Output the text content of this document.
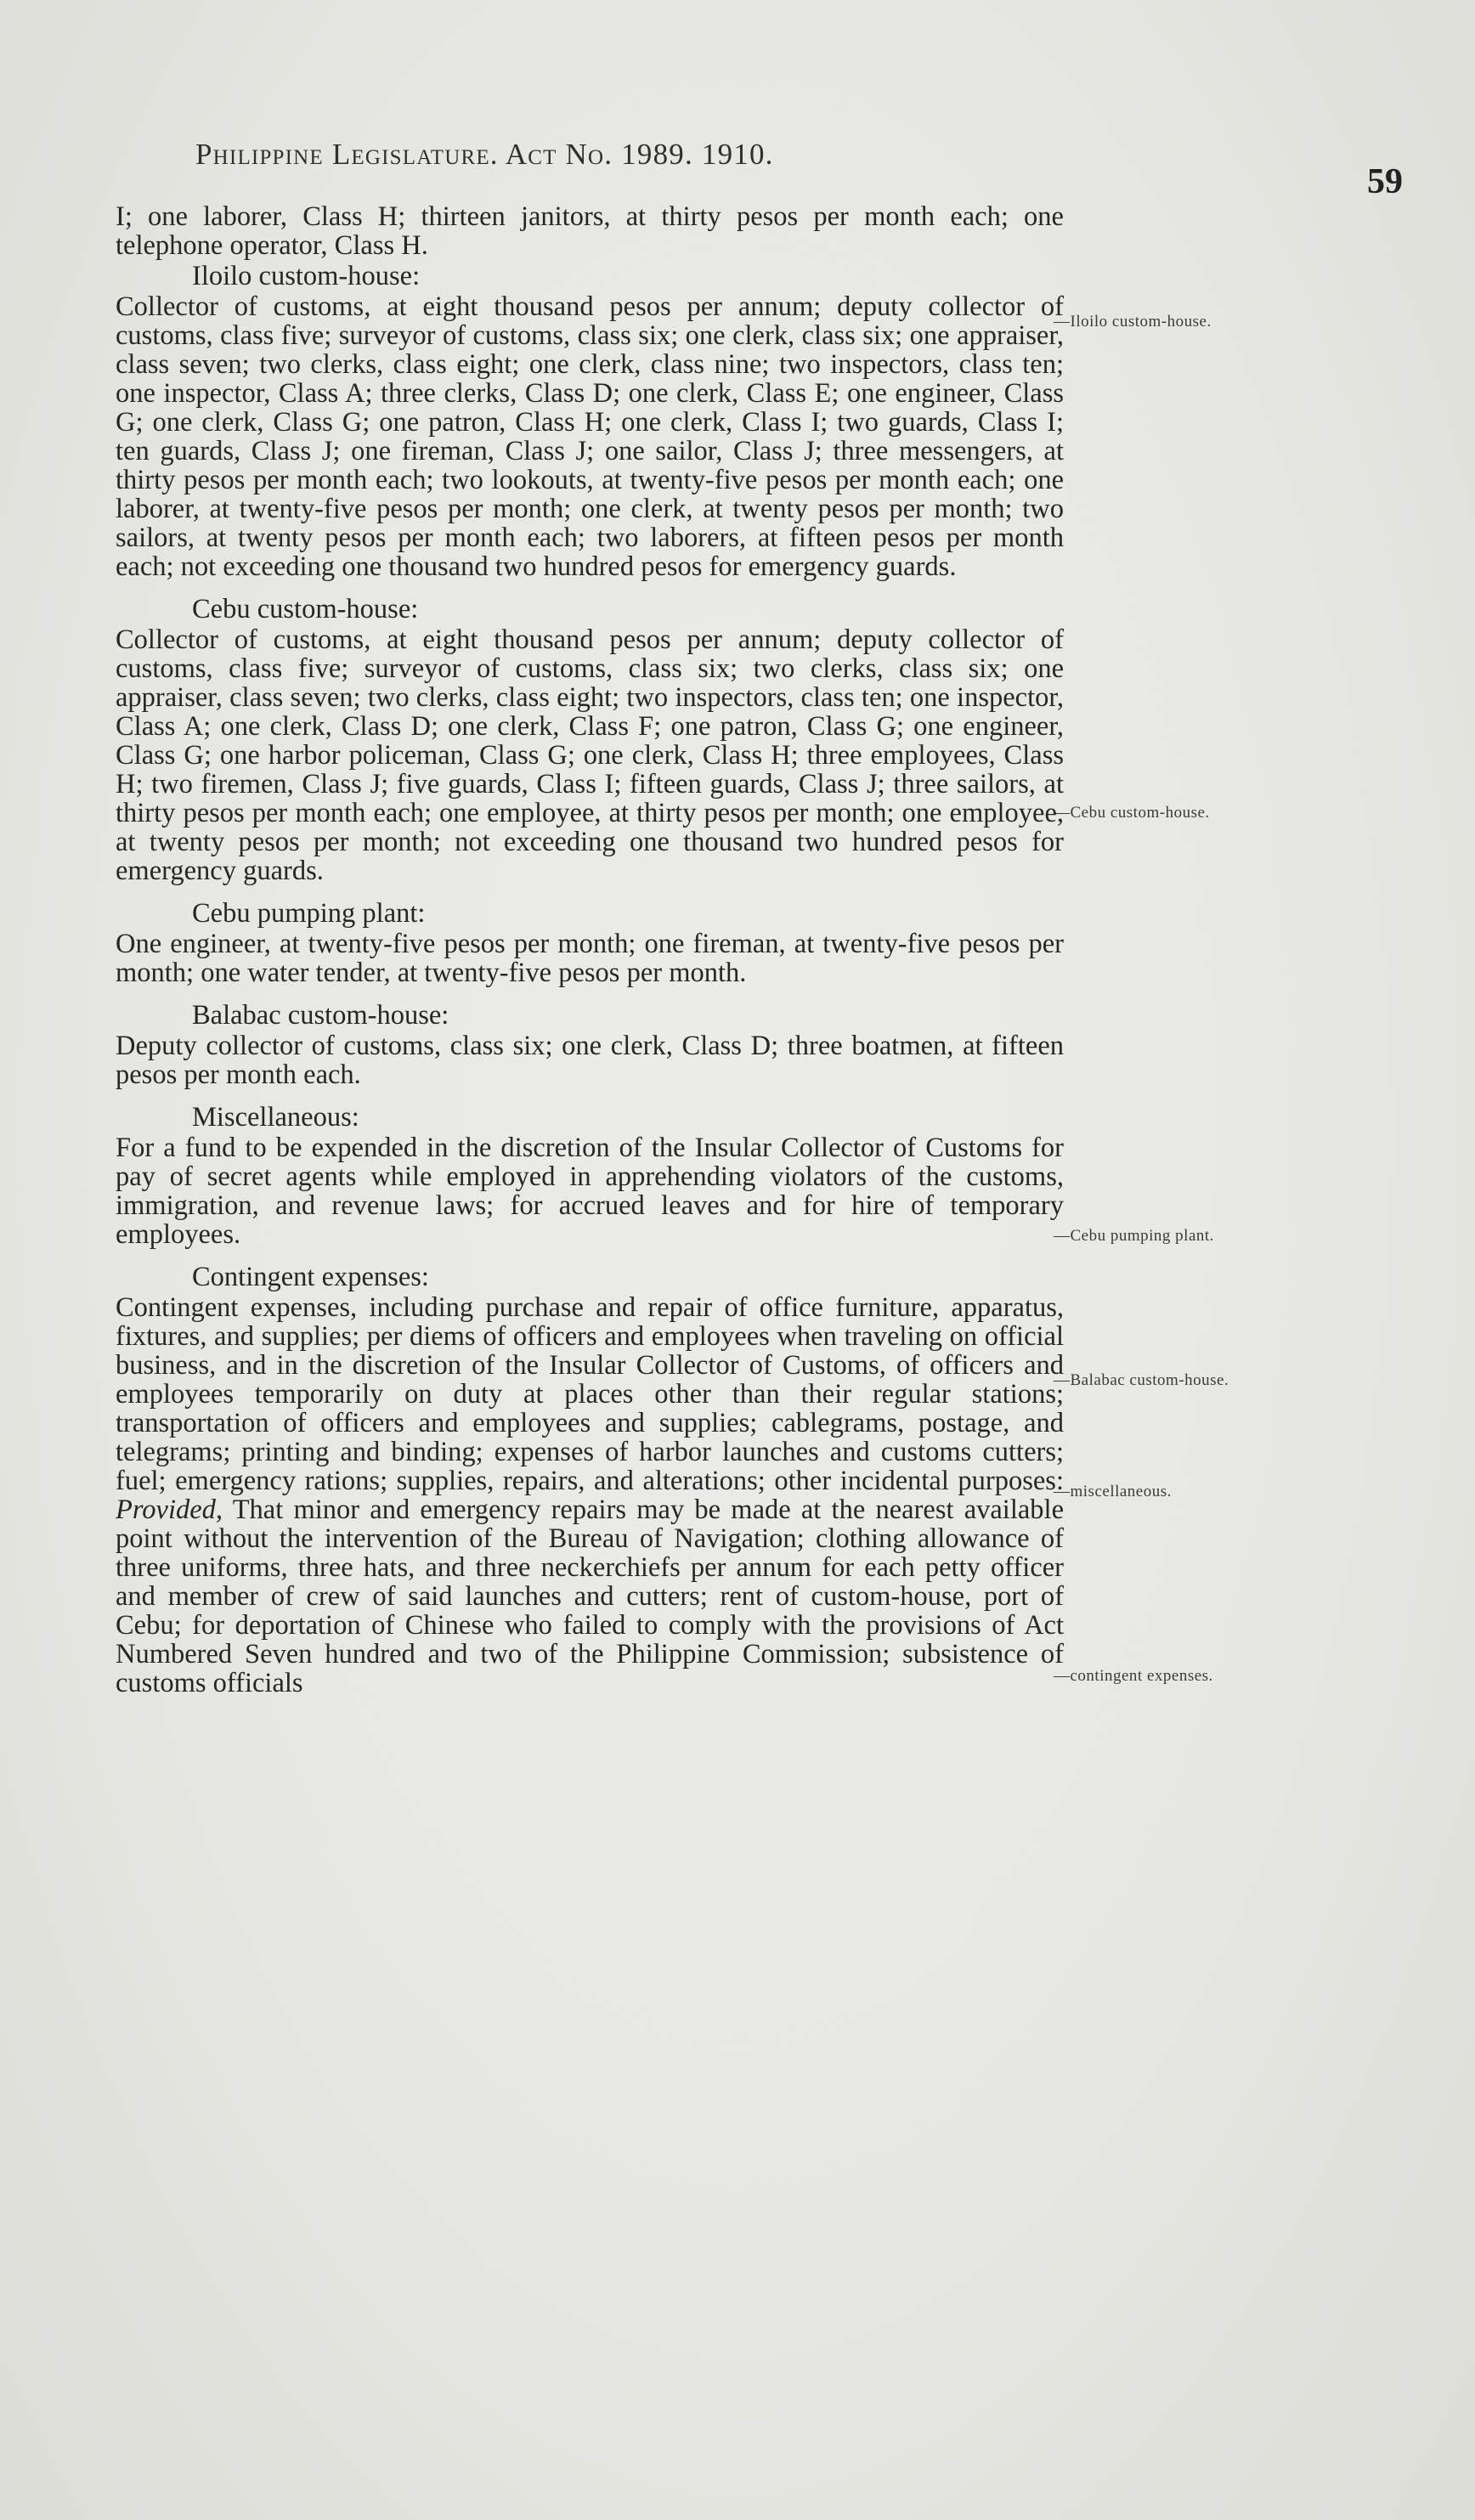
Philippine Legislature. Act No. 1989. 1910.
59
—Iloilo custom-house.
—Cebu custom-house.
—Cebu pumping plant.
—Balabac custom-house.
—miscellaneous.
—contingent expenses.

I; one laborer, Class H; thirteen janitors, at thirty pesos per month each; one telephone operator, Class H.

Iloilo custom-house:

Collector of customs, at eight thousand pesos per annum; deputy collector of customs, class five; surveyor of customs, class six; one clerk, class six; one appraiser, class seven; two clerks, class eight; one clerk, class nine; two inspectors, class ten; one inspector, Class A; three clerks, Class D; one clerk, Class E; one engineer, Class G; one clerk, Class G; one patron, Class H; one clerk, Class I; two guards, Class I; ten guards, Class J; one fireman, Class J; one sailor, Class J; three messengers, at thirty pesos per month each; two lookouts, at twenty-five pesos per month each; one laborer, at twenty-five pesos per month; one clerk, at twenty pesos per month; two sailors, at twenty pesos per month each; two laborers, at fifteen pesos per month each; not exceeding one thousand two hundred pesos for emergency guards.

Cebu custom-house:

Collector of customs, at eight thousand pesos per annum; deputy collector of customs, class five; surveyor of customs, class six; two clerks, class six; one appraiser, class seven; two clerks, class eight; two inspectors, class ten; one inspector, Class A; one clerk, Class D; one clerk, Class F; one patron, Class G; one engineer, Class G; one harbor policeman, Class G; one clerk, Class H; three employees, Class H; two firemen, Class J; five guards, Class I; fifteen guards, Class J; three sailors, at thirty pesos per month each; one employee, at thirty pesos per month; one employee, at twenty pesos per month; not exceeding one thousand two hundred pesos for emergency guards.

Cebu pumping plant:

One engineer, at twenty-five pesos per month; one fireman, at twenty-five pesos per month; one water tender, at twenty-five pesos per month.

Balabac custom-house:

Deputy collector of customs, class six; one clerk, Class D; three boatmen, at fifteen pesos per month each.

Miscellaneous:

For a fund to be expended in the discretion of the Insular Collector of Customs for pay of secret agents while employed in apprehending violators of the customs, immigration, and revenue laws; for accrued leaves and for hire of temporary employees.

Contingent expenses:

Contingent expenses, including purchase and repair of office furniture, apparatus, fixtures, and supplies; per diems of officers and employees when traveling on official business, and in the discretion of the Insular Collector of Customs, of officers and employees temporarily on duty at places other than their regular stations; transportation of officers and employees and supplies; cablegrams, postage, and telegrams; printing and binding; expenses of harbor launches and customs cutters; fuel; emergency rations; supplies, repairs, and alterations; other incidental purposes: Provided, That minor and emergency repairs may be made at the nearest available point without the intervention of the Bureau of Navigation; clothing allowance of three uniforms, three hats, and three neckerchiefs per annum for each petty officer and member of crew of said launches and cutters; rent of custom-house, port of Cebu; for deportation of Chinese who failed to comply with the provisions of Act Numbered Seven hundred and two of the Philippine Commission; subsistence of customs officials
